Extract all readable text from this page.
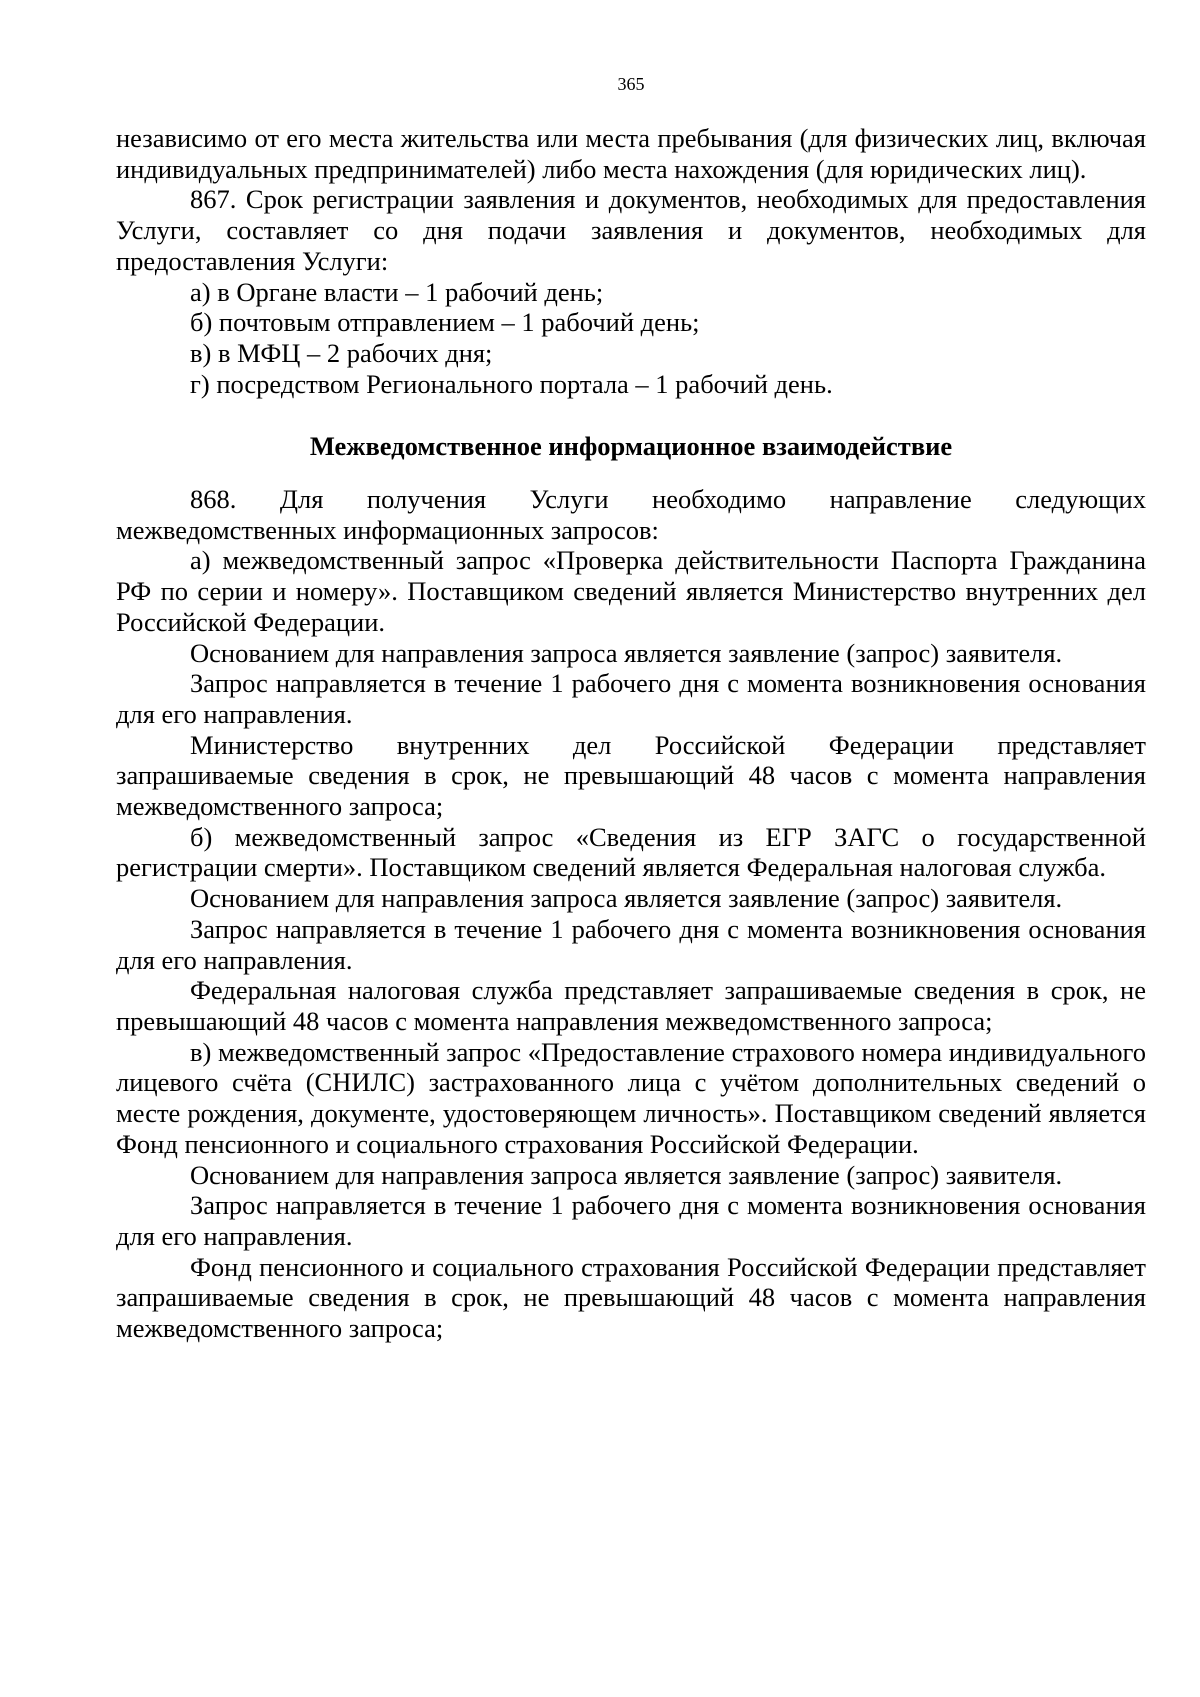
365

независимо от его места жительства или места пребывания (для физических лиц, включая индивидуальных предпринимателей) либо места нахождения (для юридических лиц).

867. Срок регистрации заявления и документов, необходимых для предоставления Услуги, составляет со дня подачи заявления и документов, необходимых для предоставления Услуги:

а) в Органе власти – 1 рабочий день;

б) почтовым отправлением – 1 рабочий день;

в) в МФЦ – 2 рабочих дня;

г) посредством Регионального портала – 1 рабочий день.

Межведомственное информационное взаимодействие

868. Для получения Услуги необходимо направление следующих межведомственных информационных запросов:

а) межведомственный запрос «Проверка действительности Паспорта Гражданина РФ по серии и номеру». Поставщиком сведений является Министерство внутренних дел Российской Федерации.

Основанием для направления запроса является заявление (запрос) заявителя.

Запрос направляется в течение 1 рабочего дня с момента возникновения основания для его направления.

Министерство внутренних дел Российской Федерации представляет запрашиваемые сведения в срок, не превышающий 48 часов с момента направления межведомственного запроса;

б) межведомственный запрос «Сведения из ЕГР ЗАГС о государственной регистрации смерти». Поставщиком сведений является Федеральная налоговая служба.

Основанием для направления запроса является заявление (запрос) заявителя.

Запрос направляется в течение 1 рабочего дня с момента возникновения основания для его направления.

Федеральная налоговая служба представляет запрашиваемые сведения в срок, не превышающий 48 часов с момента направления межведомственного запроса;

в) межведомственный запрос «Предоставление страхового номера индивидуального лицевого счёта (СНИЛС) застрахованного лица с учётом дополнительных сведений о месте рождения, документе, удостоверяющем личность». Поставщиком сведений является Фонд пенсионного и социального страхования Российской Федерации.

Основанием для направления запроса является заявление (запрос) заявителя.

Запрос направляется в течение 1 рабочего дня с момента возникновения основания для его направления.

Фонд пенсионного и социального страхования Российской Федерации представляет запрашиваемые сведения в срок, не превышающий 48 часов с момента направления межведомственного запроса;
